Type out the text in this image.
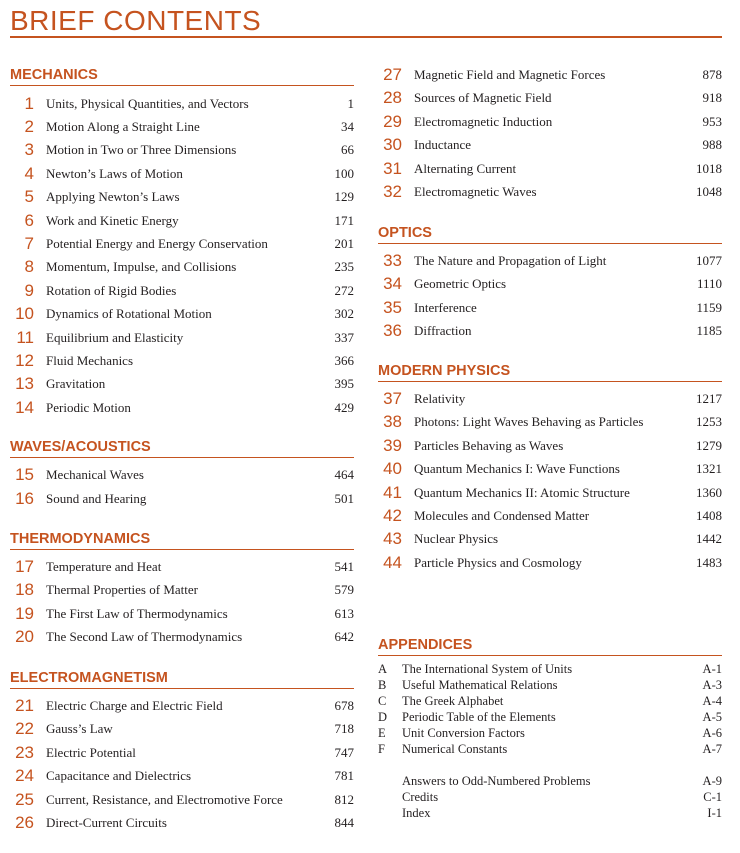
BRIEF CONTENTS
MECHANICS
1 Units, Physical Quantities, and Vectors	1
2 Motion Along a Straight Line	34
3 Motion in Two or Three Dimensions	66
4 Newton’s Laws of Motion	100
5 Applying Newton’s Laws	129
6 Work and Kinetic Energy	171
7 Potential Energy and Energy Conservation	201
8 Momentum, Impulse, and Collisions	235
9 Rotation of Rigid Bodies	272
10 Dynamics of Rotational Motion	302
11 Equilibrium and Elasticity	337
12 Fluid Mechanics	366
13 Gravitation	395
14 Periodic Motion	429
WAVES/ACOUSTICS
15 Mechanical Waves	464
16 Sound and Hearing	501
THERMODYNAMICS
17 Temperature and Heat	541
18 Thermal Properties of Matter	579
19 The First Law of Thermodynamics	613
20 The Second Law of Thermodynamics	642
ELECTROMAGNETISM
21 Electric Charge and Electric Field	678
22 Gauss’s Law	718
23 Electric Potential	747
24 Capacitance and Dielectrics	781
25 Current, Resistance, and Electromotive Force	812
26 Direct-Current Circuits	844
27 Magnetic Field and Magnetic Forces	878
28 Sources of Magnetic Field	918
29 Electromagnetic Induction	953
30 Inductance	988
31 Alternating Current	1018
32 Electromagnetic Waves	1048
OPTICS
33 The Nature and Propagation of Light	1077
34 Geometric Optics	1110
35 Interference	1159
36 Diffraction	1185
MODERN PHYSICS
37 Relativity	1217
38 Photons: Light Waves Behaving as Particles	1253
39 Particles Behaving as Waves	1279
40 Quantum Mechanics I: Wave Functions	1321
41 Quantum Mechanics II: Atomic Structure	1360
42 Molecules and Condensed Matter	1408
43 Nuclear Physics	1442
44 Particle Physics and Cosmology	1483
APPENDICES
A	The International System of Units	A-1
B	Useful Mathematical Relations	A-3
C	The Greek Alphabet	A-4
D	Periodic Table of the Elements	A-5
E	Unit Conversion Factors	A-6
F	Numerical Constants	A-7
Answers to Odd-Numbered Problems	A-9
Credits	C-1
Index	I-1
